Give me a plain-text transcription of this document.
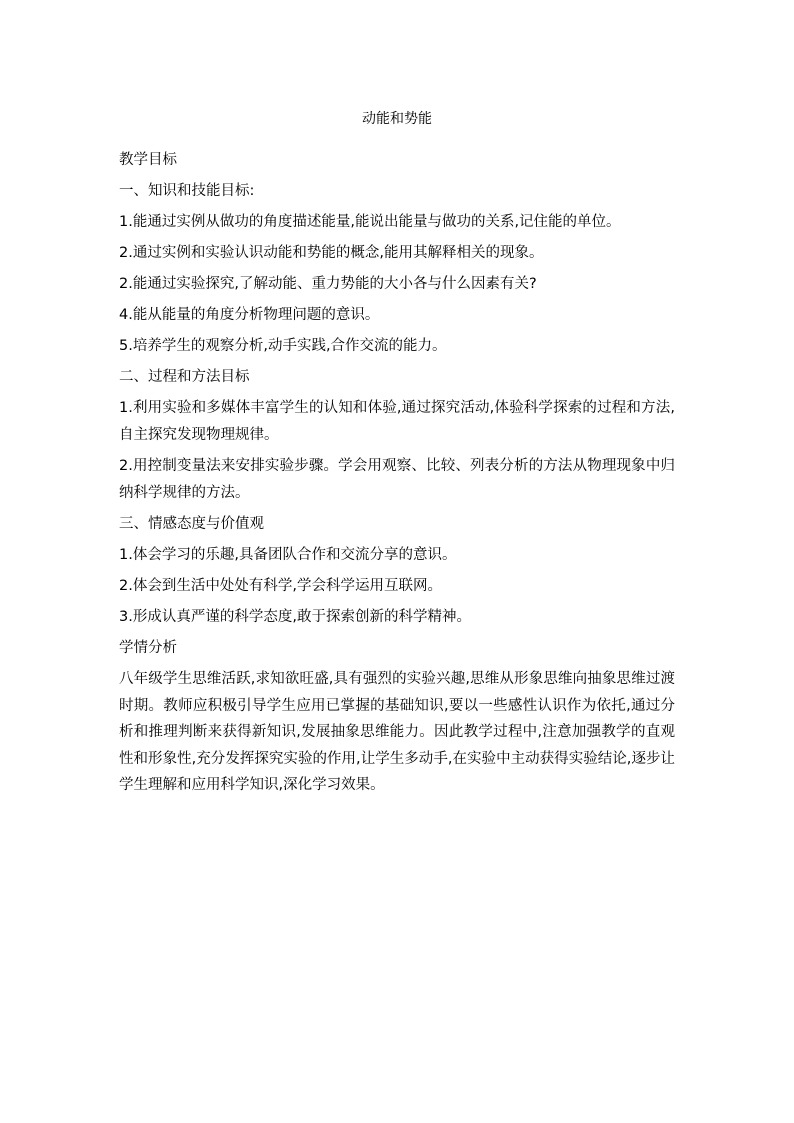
动能和势能

教学目标

一、知识和技能目标:

1.能通过实例从做功的角度描述能量,能说出能量与做功的关系,记住能的单位。

2.通过实例和实验认识动能和势能的概念,能用其解释相关的现象。

2.能通过实验探究,了解动能、重力势能的大小各与什么因素有关?

4.能从能量的角度分析物理问题的意识。

5.培养学生的观察分析,动手实践,合作交流的能力。

二、过程和方法目标

1.利用实验和多媒体丰富学生的认知和体验,通过探究活动,体验科学探索的过程和方法,自主探究发现物理规律。

2.用控制变量法来安排实验步骤。学会用观察、比较、列表分析的方法从物理现象中归纳科学规律的方法。

三、情感态度与价值观

1.体会学习的乐趣,具备团队合作和交流分享的意识。

2.体会到生活中处处有科学,学会科学运用互联网。

3.形成认真严谨的科学态度,敢于探索创新的科学精神。

学情分析

八年级学生思维活跃,求知欲旺盛,具有强烈的实验兴趣,思维从形象思维向抽象思维过渡时期。教师应积极引导学生应用已掌握的基础知识,要以一些感性认识作为依托,通过分析和推理判断来获得新知识,发展抽象思维能力。因此教学过程中,注意加强教学的直观性和形象性,充分发挥探究实验的作用,让学生多动手,在实验中主动获得实验结论,逐步让学生理解和应用科学知识,深化学习效果。
